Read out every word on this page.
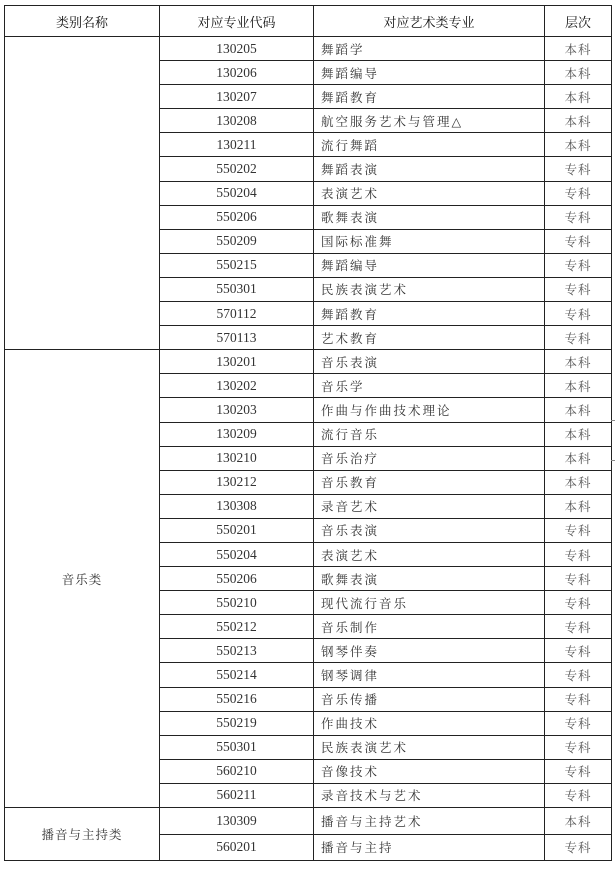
类别名称	对应专业代码	对应艺术类专业	层次
	130205	舞蹈学	本科
	130206	舞蹈编导	本科
	130207	舞蹈教育	本科
	130208	航空服务艺术与管理△	本科
	130211	流行舞蹈	本科
	550202	舞蹈表演	专科
	550204	表演艺术	专科
	550206	歌舞表演	专科
	550209	国际标准舞	专科
	550215	舞蹈编导	专科
	550301	民族表演艺术	专科
	570112	舞蹈教育	专科
	570113	艺术教育	专科
音乐类	130201	音乐表演	本科
	130202	音乐学	本科
	130203	作曲与作曲技术理论	本科
	130209	流行音乐	本科
	130210	音乐治疗	本科
	130212	音乐教育	本科
	130308	录音艺术	本科
	550201	音乐表演	专科
	550204	表演艺术	专科
	550206	歌舞表演	专科
	550210	现代流行音乐	专科
	550212	音乐制作	专科
	550213	钢琴伴奏	专科
	550214	钢琴调律	专科
	550216	音乐传播	专科
	550219	作曲技术	专科
	550301	民族表演艺术	专科
	560210	音像技术	专科
	560211	录音技术与艺术	专科
播音与主持类	130309	播音与主持艺术	本科
	560201	播音与主持	专科
